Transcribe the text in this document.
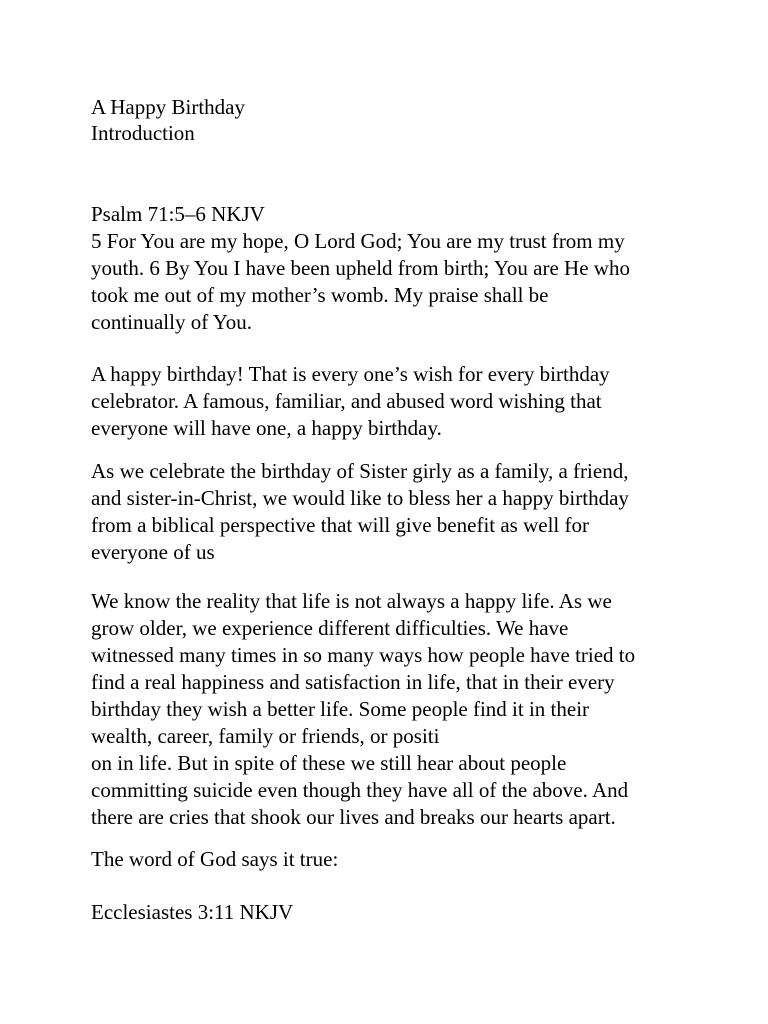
A Happy Birthday

Introduction

Psalm 71:5–6 NKJV

5 For You are my hope, O Lord God; You are my trust from my
youth. 6 By You I have been upheld from birth; You are He who
took me out of my mother’s womb. My praise shall be
continually of You.

A happy birthday! That is every one’s wish for every birthday
celebrator. A famous, familiar, and abused word wishing that
everyone will have one, a happy birthday.

As we celebrate the birthday of Sister girly as a family, a friend,
and sister-in-Christ, we would like to bless her a happy birthday
from a biblical perspective that will give benefit as well for
everyone of us

We know the reality that life is not always a happy life. As we
grow older, we experience different difficulties. We have
witnessed many times in so many ways how people have tried to
find a real happiness and satisfaction in life, that in their every
birthday they wish a better life. Some people find it in their
wealth, career, family or friends, or positi
on in life. But in spite of these we still hear about people
committing suicide even though they have all of the above. And
there are cries that shook our lives and breaks our hearts apart.

The word of God says it true:

Ecclesiastes 3:11 NKJV
